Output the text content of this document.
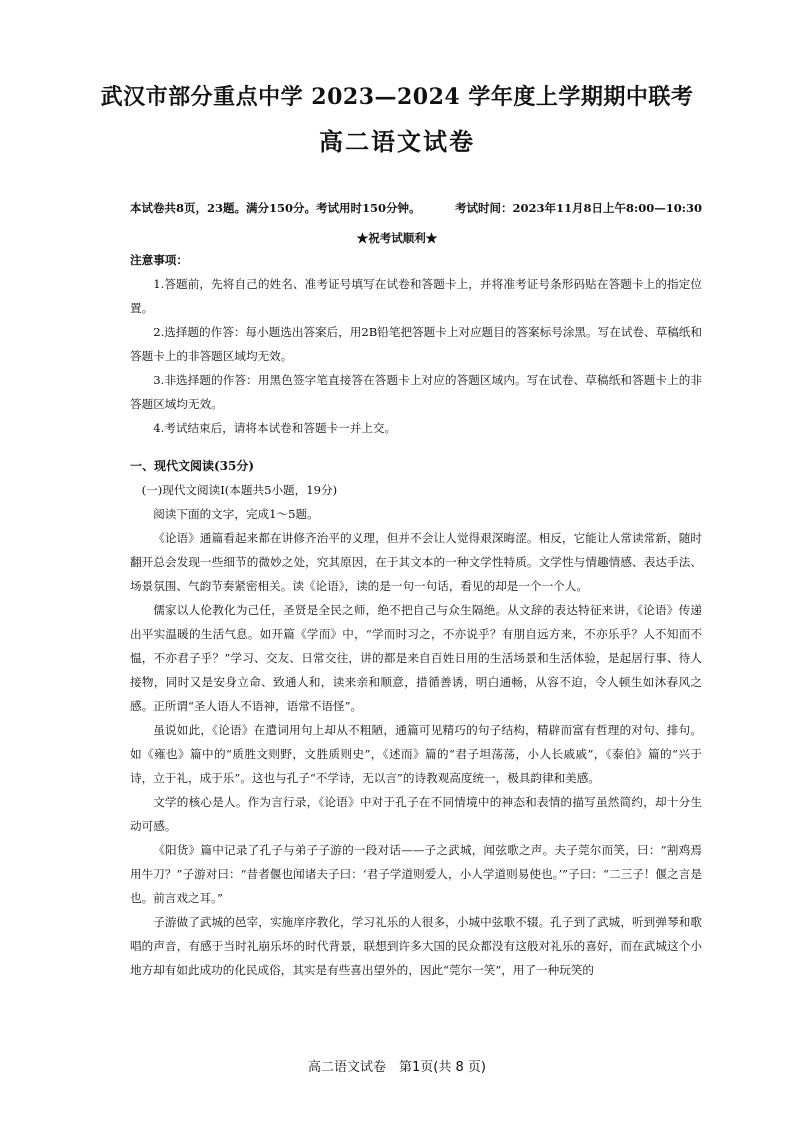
武汉市部分重点中学 2023—2024 学年度上学期期中联考
高二语文试卷
本试卷共8页，23题。满分150分。考试用时150分钟。	考试时间：2023年11月8日上午8:00—10:30
★祝考试顺利★

注意事项：

1.答题前，先将自己的姓名、准考证号填写在试卷和答题卡上，并将准考证号条形码贴在答题卡上的指定位置。

2.选择题的作答：每小题选出答案后，用2B铅笔把答题卡上对应题目的答案标号涂黑。写在试卷、草稿纸和答题卡上的非答题区域均无效。

3.非选择题的作答：用黑色签字笔直接答在答题卡上对应的答题区域内。写在试卷、草稿纸和答题卡上的非答题区域均无效。

4.考试结束后，请将本试卷和答题卡一并上交。

一、现代文阅读(35分)

(一)现代文阅读Ⅰ(本题共5小题，19分)

阅读下面的文字，完成1～5题。

《论语》通篇看起来都在讲修齐治平的义理，但并不会让人觉得艰深晦涩。相反，它能让人常读常新，随时翻开总会发现一些细节的微妙之处，究其原因，在于其文本的一种文学性特质。文学性与情趣情感、表达手法、场景氛围、气韵节奏紧密相关。读《论语》，读的是一句一句话，看见的却是一个一个人。

儒家以人伦教化为己任，圣贤是全民之师，绝不把自己与众生隔绝。从文辞的表达特征来讲，《论语》传递出平实温暖的生活气息。如开篇《学而》中，“学而时习之，不亦说乎？有朋自远方来，不亦乐乎？人不知而不愠，不亦君子乎？”学习、交友、日常交往，讲的都是来自百姓日用的生活场景和生活体验，是起居行事、待人接物，同时又是安身立命、致通人和，读来亲和顺意，措循善诱，明白通畅，从容不迫，令人顿生如沐春风之感。正所谓“圣人语人不语神，语常不语怪”。

虽说如此，《论语》在遣词用句上却从不粗陋，通篇可见精巧的句子结构，精辟而富有哲理的对句、排句。如《雍也》篇中的“质胜文则野，文胜质则史”，《述而》篇的“君子坦荡荡，小人长戚戚”，《泰伯》篇的“兴于诗，立于礼，成于乐”。这也与孔子“不学诗，无以言”的诗教观高度统一，极具韵律和美感。

文学的核心是人。作为言行录，《论语》中对于孔子在不同情境中的神态和表情的描写虽然简约，却十分生动可感。

《阳货》篇中记录了孔子与弟子子游的一段对话——子之武城，闻弦歌之声。夫子莞尔而笑，曰：“割鸡焉用牛刀？”子游对曰：“昔者偃也闻诸夫子曰：‘君子学道则爱人，小人学道则易使也。’”子曰：“二三子！偃之言是也。前言戏之耳。”

子游做了武城的邑宰，实施庠序教化，学习礼乐的人很多，小城中弦歌不辍。孔子到了武城，听到弹琴和歌唱的声音，有感于当时礼崩乐坏的时代背景，联想到许多大国的民众都没有这般对礼乐的喜好，而在武城这个小地方却有如此成功的化民成俗，其实是有些喜出望外的，因此“莞尔一笑”，用了一种玩笑的

高二语文试卷　第1页(共 8 页)
